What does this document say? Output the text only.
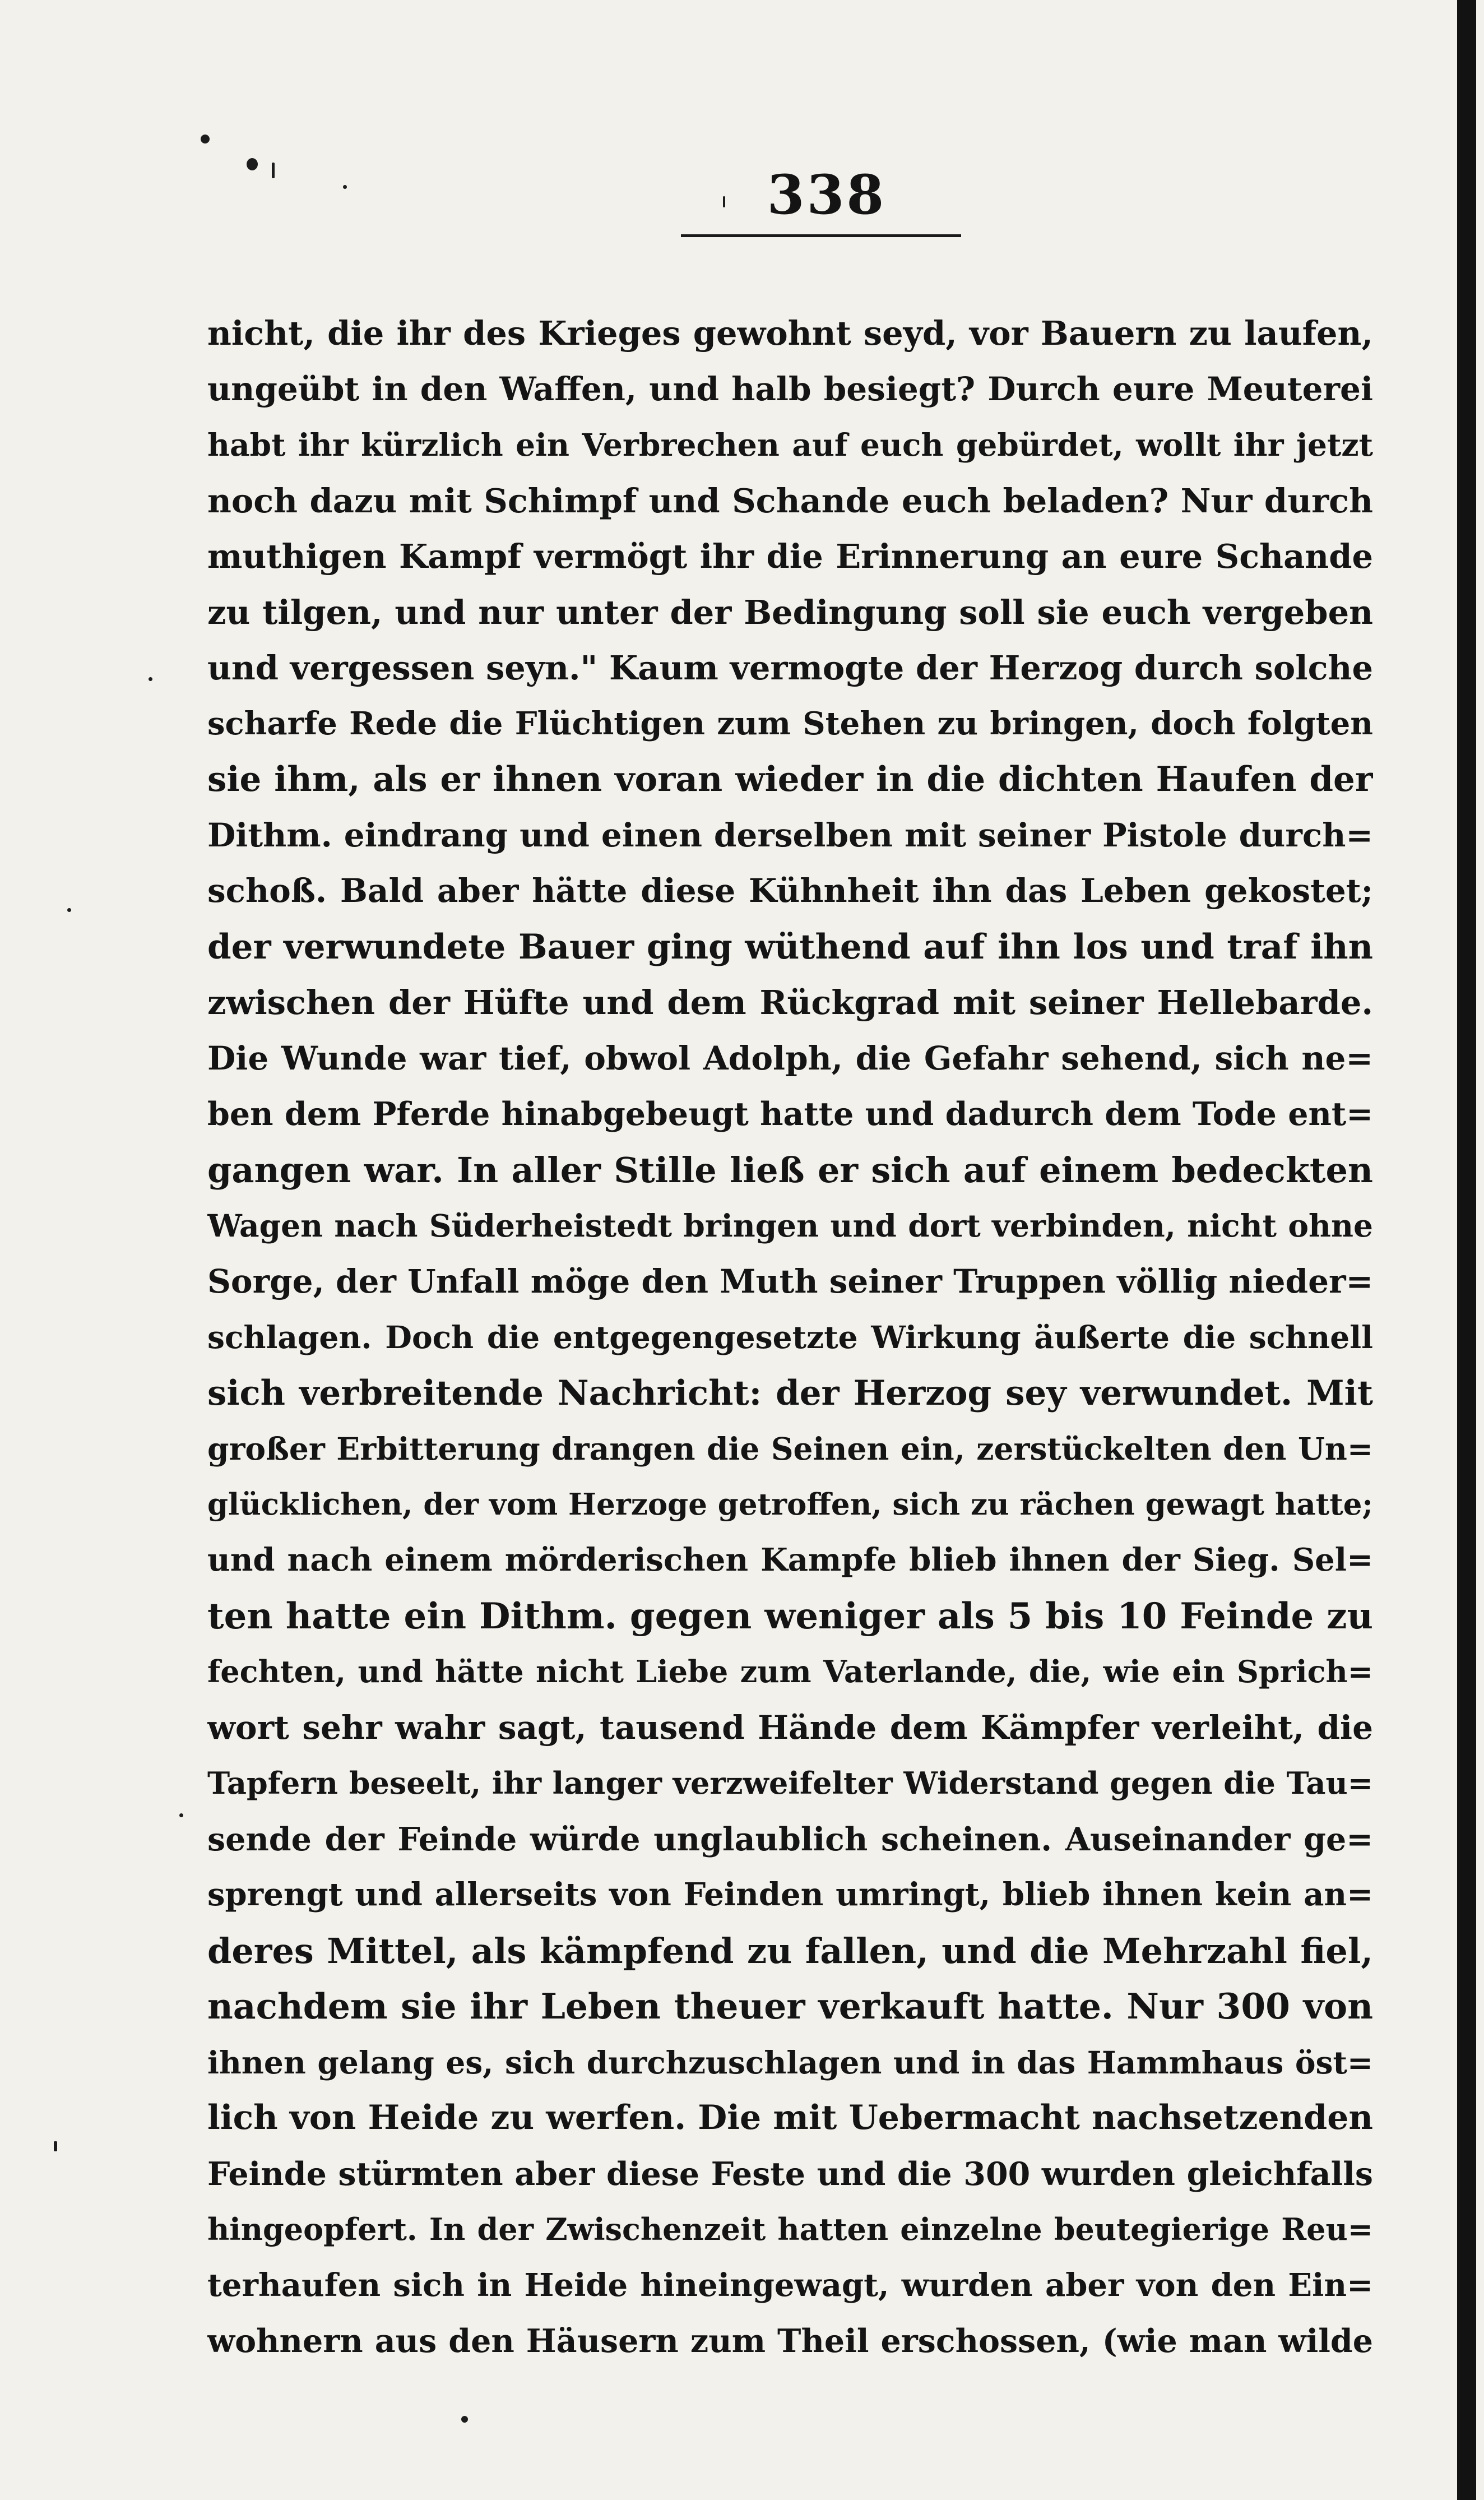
338
nicht, die ihr des Krieges gewohnt seyd, vor Bauern zu laufen,
ungeübt in den Waffen, und halb besiegt? Durch eure Meuterei
habt ihr kürzlich ein Verbrechen auf euch gebürdet, wollt ihr jetzt
noch dazu mit Schimpf und Schande euch beladen? Nur durch
muthigen Kampf vermögt ihr die Erinnerung an eure Schande
zu tilgen, und nur unter der Bedingung soll sie euch vergeben
und vergessen seyn." Kaum vermogte der Herzog durch solche
scharfe Rede die Flüchtigen zum Stehen zu bringen, doch folgten
sie ihm, als er ihnen voran wieder in die dichten Haufen der
Dithm. eindrang und einen derselben mit seiner Pistole durch=
schoß. Bald aber hätte diese Kühnheit ihn das Leben gekostet;
der verwundete Bauer ging wüthend auf ihn los und traf ihn
zwischen der Hüfte und dem Rückgrad mit seiner Hellebarde.
Die Wunde war tief, obwol Adolph, die Gefahr sehend, sich ne=
ben dem Pferde hinabgebeugt hatte und dadurch dem Tode ent=
gangen war. In aller Stille ließ er sich auf einem bedeckten
Wagen nach Süderheistedt bringen und dort verbinden, nicht ohne
Sorge, der Unfall möge den Muth seiner Truppen völlig nieder=
schlagen. Doch die entgegengesetzte Wirkung äußerte die schnell
sich verbreitende Nachricht: der Herzog sey verwundet. Mit
großer Erbitterung drangen die Seinen ein, zerstückelten den Un=
glücklichen, der vom Herzoge getroffen, sich zu rächen gewagt hatte;
und nach einem mörderischen Kampfe blieb ihnen der Sieg. Sel=
ten hatte ein Dithm. gegen weniger als 5 bis 10 Feinde zu
fechten, und hätte nicht Liebe zum Vaterlande, die, wie ein Sprich=
wort sehr wahr sagt, tausend Hände dem Kämpfer verleiht, die
Tapfern beseelt, ihr langer verzweifelter Widerstand gegen die Tau=
sende der Feinde würde unglaublich scheinen. Auseinander ge=
sprengt und allerseits von Feinden umringt, blieb ihnen kein an=
deres Mittel, als kämpfend zu fallen, und die Mehrzahl fiel,
nachdem sie ihr Leben theuer verkauft hatte. Nur 300 von
ihnen gelang es, sich durchzuschlagen und in das Hammhaus öst=
lich von Heide zu werfen. Die mit Uebermacht nachsetzenden
Feinde stürmten aber diese Feste und die 300 wurden gleichfalls
hingeopfert. In der Zwischenzeit hatten einzelne beutegierige Reu=
terhaufen sich in Heide hineingewagt, wurden aber von den Ein=
wohnern aus den Häusern zum Theil erschossen, (wie man wilde
